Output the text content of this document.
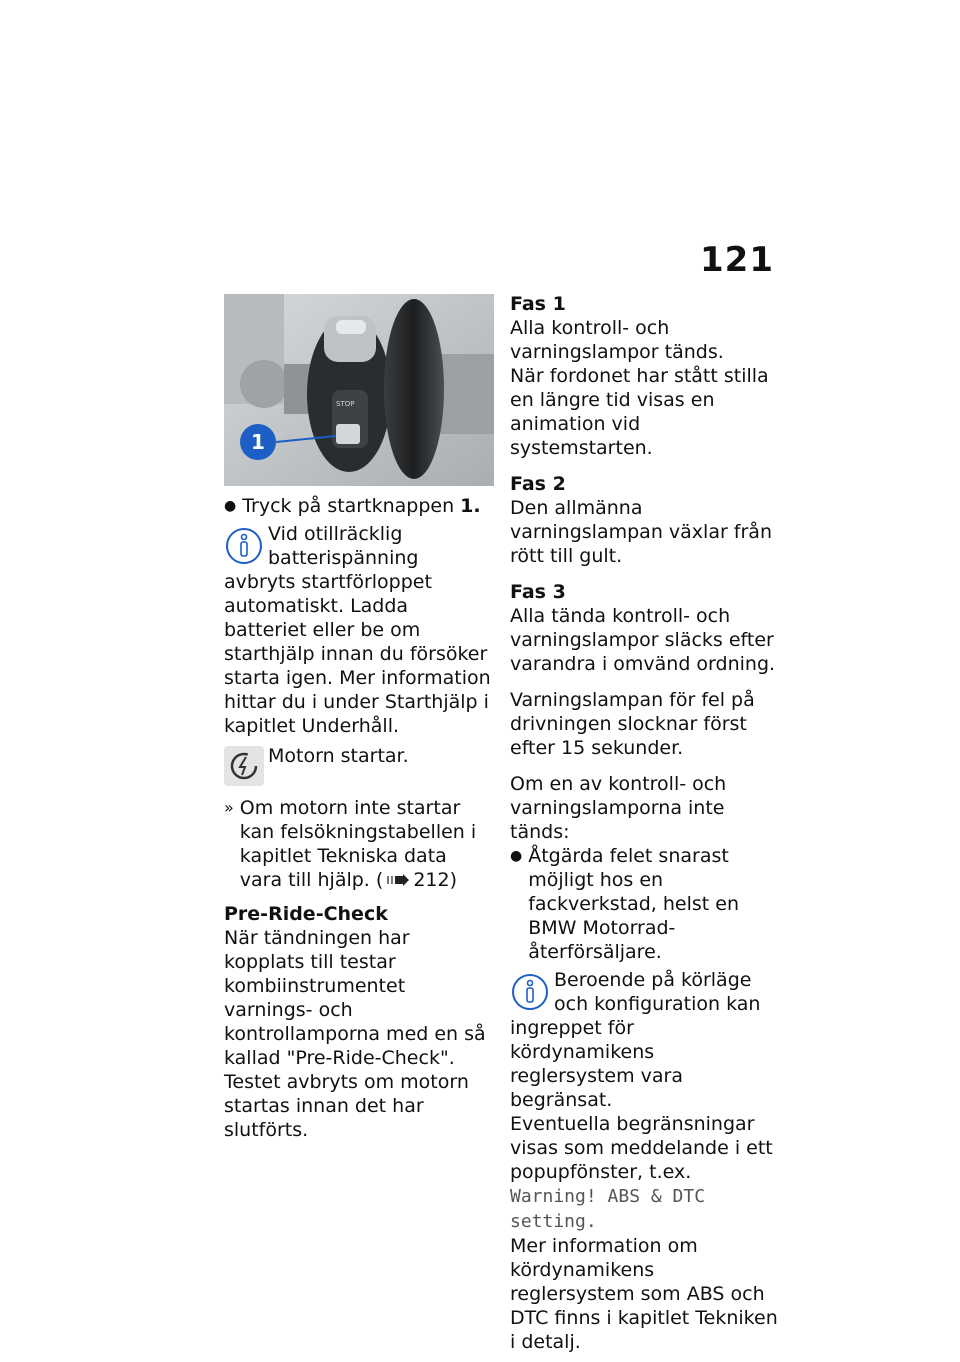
121
STOP
1
● Tryck på startknappen 1.

Vid otillräcklig batterispänning avbryts startförloppet automatiskt. Ladda batteriet eller be om starthjälp innan du försöker starta igen. Mer information hittar du i under Starthjälp i kapitlet Underhåll.

Motorn startar.

» Om motorn inte startar kan felsökningstabellen i kapitlet Tekniska data vara till hjälp. ( 212)

Pre-Ride-Check

När tändningen har kopplats till testar kombiinstrumentet varnings- och kontrollamporna med en så kallad "Pre-Ride-Check". Testet avbryts om motorn startas innan det har slutförts.

Fas 1

Alla kontroll- och varningslampor tänds.

När fordonet har stått stilla en längre tid visas en animation vid systemstarten.

Fas 2

Den allmänna varningslampan växlar från rött till gult.

Fas 3

Alla tända kontroll- och varningslampor släcks efter varandra i omvänd ordning.

Varningslampan för fel på drivningen slocknar först efter 15 sekunder.

Om en av kontroll- och varningslamporna inte tänds:

● Åtgärda felet snarast möjligt hos en fackverkstad, helst en BMW Motorrad-återförsäljare.

Beroende på körläge och konfiguration kan ingreppet för kördynamikens reglersystem vara begränsat.

Eventuella begränsningar visas som meddelande i ett popupfönster, t.ex. Warning! ABS & DTC setting.

Mer information om kördynamikens reglersystem som ABS och DTC finns i kapitlet Tekniken i detalj.
